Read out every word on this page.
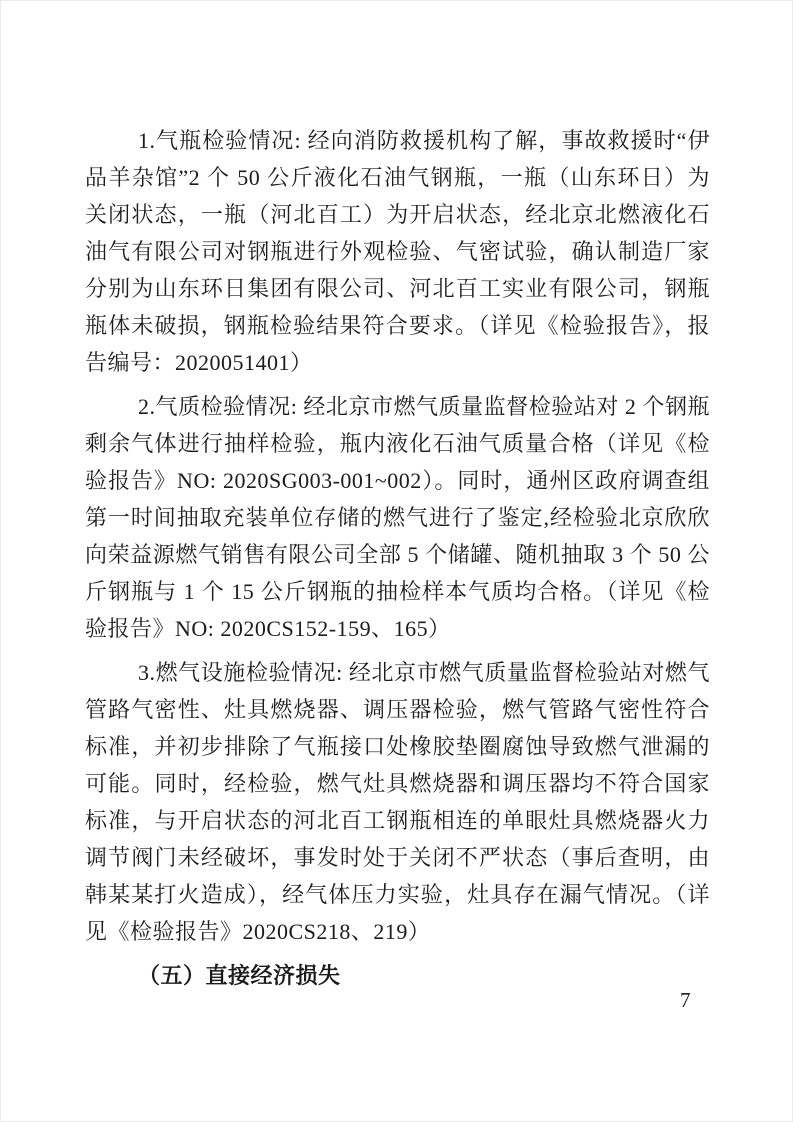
1.气瓶检验情况: 经向消防救援机构了解，事故救援时“伊品羊杂馆”2 个 50 公斤液化石油气钢瓶，一瓶（山东环日）为关闭状态，一瓶（河北百工）为开启状态，经北京北燃液化石油气有限公司对钢瓶进行外观检验、气密试验，确认制造厂家分别为山东环日集团有限公司、河北百工实业有限公司，钢瓶瓶体未破损，钢瓶检验结果符合要求。（详见《检验报告》，报告编号：2020051401）

2.气质检验情况: 经北京市燃气质量监督检验站对 2 个钢瓶剩余气体进行抽样检验，瓶内液化石油气质量合格（详见《检验报告》NO: 2020SG003-001~002）。同时，通州区政府调查组第一时间抽取充装单位存储的燃气进行了鉴定,经检验北京欣欣向荣益源燃气销售有限公司全部 5 个储罐、随机抽取 3 个 50 公斤钢瓶与 1 个 15 公斤钢瓶的抽检样本气质均合格。（详见《检验报告》NO: 2020CS152-159、165）

3.燃气设施检验情况: 经北京市燃气质量监督检验站对燃气管路气密性、灶具燃烧器、调压器检验，燃气管路气密性符合标准，并初步排除了气瓶接口处橡胶垫圈腐蚀导致燃气泄漏的可能。同时，经检验，燃气灶具燃烧器和调压器均不符合国家标准，与开启状态的河北百工钢瓶相连的单眼灶具燃烧器火力调节阀门未经破坏，事发时处于关闭不严状态（事后查明，由韩某某打火造成），经气体压力实验，灶具存在漏气情况。（详见《检验报告》2020CS218、219）

（五）直接经济损失

7
